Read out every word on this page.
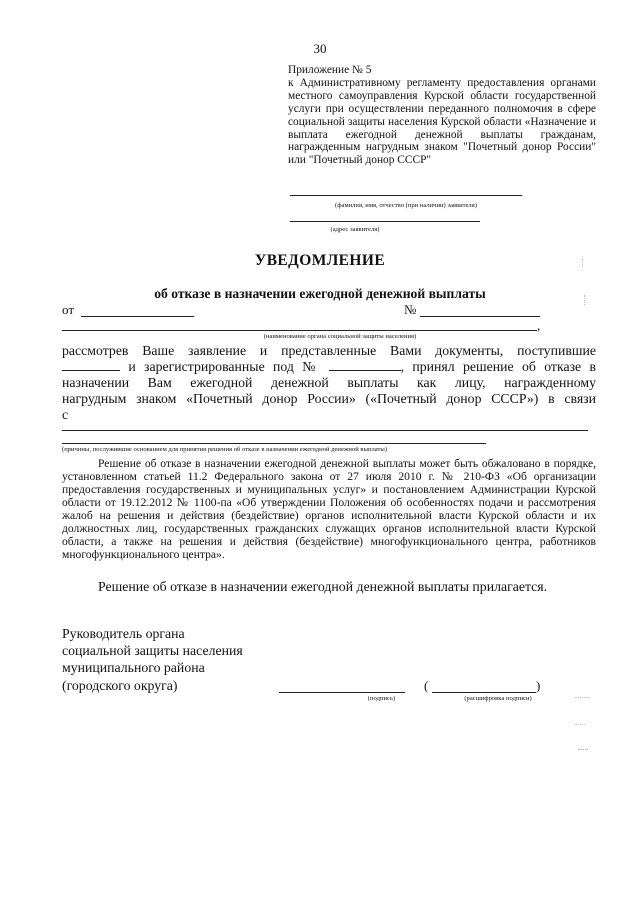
30

Приложение № 5

к Административному регламенту предоставления органами местного самоуправления Курской области государственной услуги при осуществлении переданного полномочия в сфере социальной защиты населения Курской области «Назначение и выплата ежегодной денежной выплаты гражданам, награжденным нагрудным знаком "Почетный донор России" или "Почетный донор СССР"

(фамилия, имя, отчество (при наличии) заявителя)
(адрес заявителя)
УВЕДОМЛЕНИЕ
об отказе в назначении ежегодной денежной выплаты
от	№
,
(наименование органа социальной защиты населения)

рассмотрев Ваше заявление и представленные Вами документы, поступившие

и зарегистрированные под №	, принял решение об отказе в

назначении Вам ежегодной денежной выплаты как лицу, награжденному

нагрудным знаком «Почетный донор России» («Почетный донор СССР») в связи

с

(причины, послужившие основанием для принятия решения об отказе в назначении ежегодной денежной выплаты)

Решение об отказе в назначении ежегодной денежной выплаты может быть обжаловано в порядке, установленном статьей 11.2 Федерального закона от 27 июля 2010 г. № 210-ФЗ «Об организации предоставления государственных и муниципальных услуг» и постановлением Администрации Курской области от 19.12.2012 № 1100-па «Об утверждении Положения об особенностях подачи и рассмотрения жалоб на решения и действия (бездействие) органов исполнительной власти Курской области и их должностных лиц, государственных гражданских служащих органов исполнительной власти Курской области, а также на решения и действия (бездействие) многофункционального центра, работников многофункционального центра».

Решение об отказе в назначении ежегодной денежной выплаты прилагается.

Руководитель органа

социальной защиты населения

муниципального района

(городского округа)

(подпись)
(	)
(расшифровка подписи)
